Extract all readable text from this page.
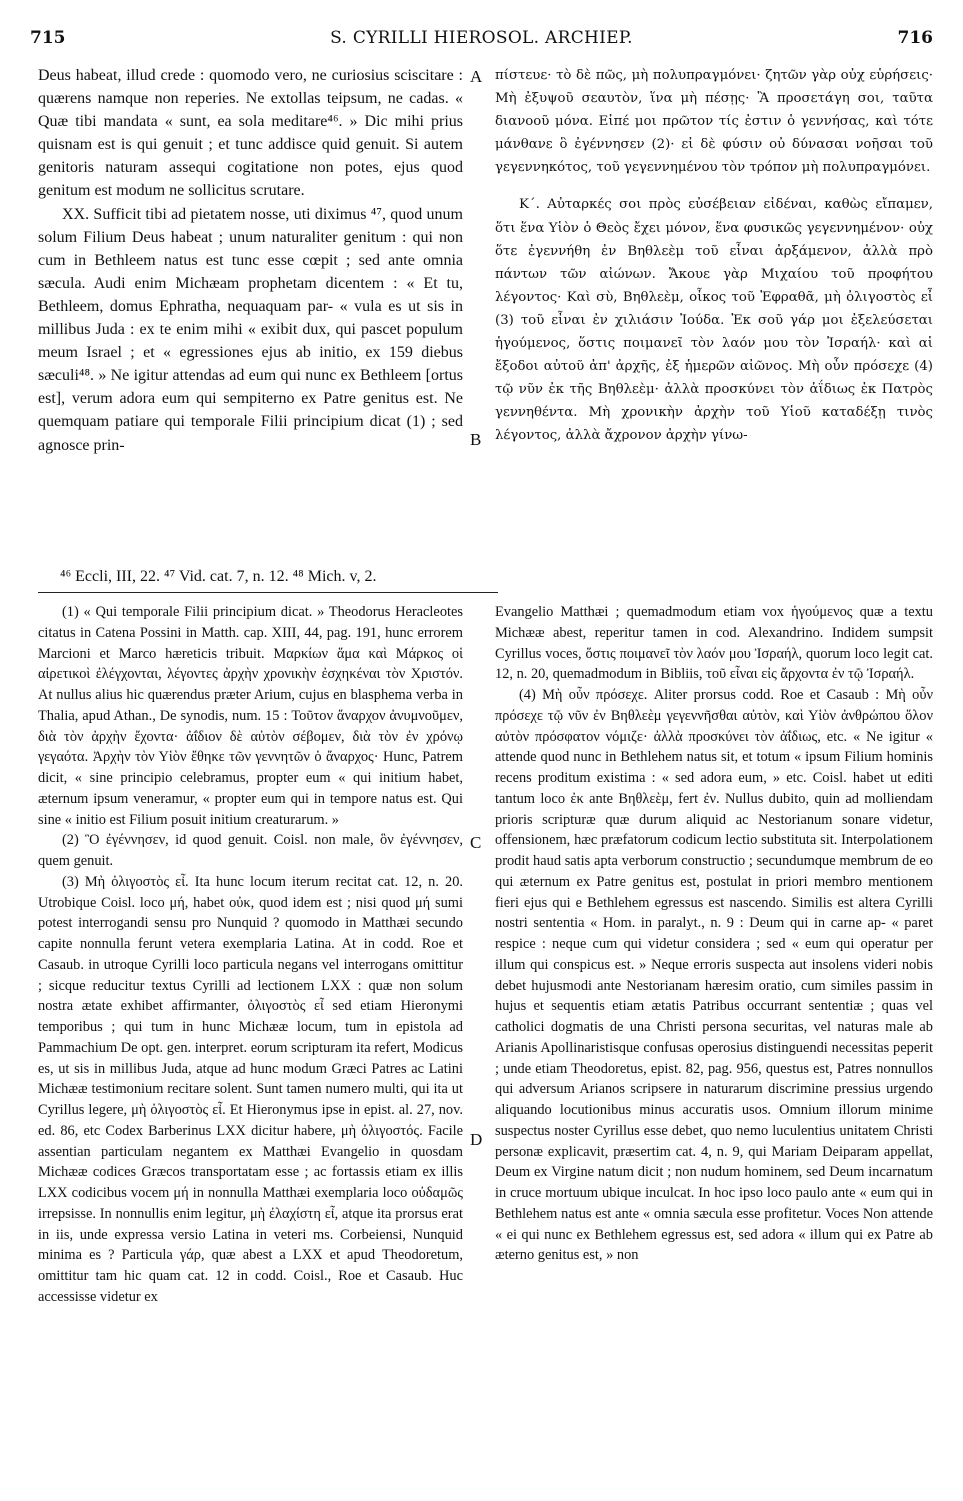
715	S. CYRILLI HIEROSOL. ARCHIEP.	716

Deus habeat, illud crede : quomodo vero, ne curiosius sciscitare : quærens namque non reperies. Ne extollas teipsum, ne cadas. « Quæ tibi mandata « sunt, ea sola meditare⁴⁶. » Dic mihi prius quisnam est is qui genuit ; et tunc addisce quid genuit. Si autem genitoris naturam assequi cogitatione non potes, ejus quod genitum est modum ne sollicitus scrutare.

XX. Sufficit tibi ad pietatem nosse, uti diximus ⁴⁷, quod unum solum Filium Deus habeat ; unum naturaliter genitum : qui non cum in Bethleem natus est tunc esse cœpit ; sed ante omnia sæcula. Audi enim Michæam prophetam dicentem : « Et tu, Bethleem, domus Ephratha, nequaquam par- « vula es ut sis in millibus Juda : ex te enim mihi « exibit dux, qui pascet populum meum Israel ; et « egressiones ejus ab initio, ex 159 diebus sæculi⁴⁸. » Ne igitur attendas ad eum qui nunc ex Bethleem [ortus est], verum adora eum qui sempiterno ex Patre genitus est. Ne quemquam patiare qui temporale Filii principium dicat (1) ; sed agnosce prin-

A
B

πίστευε· τὸ δὲ πῶς, μὴ πολυπραγμόνει· ζητῶν γὰρ οὐχ εὑρήσεις· Μὴ ἐξυψοῦ σεαυτὸν, ἵνα μὴ πέσῃς· Ἃ προσετάγη σοι, ταῦτα διανοοῦ μόνα. Εἰπέ μοι πρῶτον τίς ἐστιν ὁ γεννήσας, καὶ τότε μάνθανε ὃ ἐγέννησεν (2)· εἰ δὲ φύσιν οὐ δύνασαι νοῆσαι τοῦ γεγεννηκότος, τοῦ γεγεννημένου τὸν τρόπον μὴ πολυπραγμόνει.

Κ΄. Αὐταρκές σοι πρὸς εὐσέβειαν εἰδέναι, καθὼς εἴπαμεν, ὅτι ἕνα Υἱὸν ὁ Θεὸς ἔχει μόνον, ἕνα φυσικῶς γεγεννημένον· οὐχ ὅτε ἐγεννήθη ἐν Βηθλεὲμ τοῦ εἶναι ἀρξάμενον, ἀλλὰ πρὸ πάντων τῶν αἰώνων. Ἄκουε γὰρ Μιχαίου τοῦ προφήτου λέγοντος· Καὶ σὺ, Βηθλεὲμ, οἶκος τοῦ Ἐφραθᾶ, μὴ ὀλιγοστὸς εἶ (3) τοῦ εἶναι ἐν χιλιάσιν Ἰούδα. Ἐκ σοῦ γάρ μοι ἐξελεύσεται ἡγούμενος, ὅστις ποιμανεῖ τὸν λαόν μου τὸν Ἰσραήλ· καὶ αἱ ἔξοδοι αὐτοῦ ἀπ' ἀρχῆς, ἐξ ἡμερῶν αἰῶνος. Μὴ οὖν πρόσεχε (4) τῷ νῦν ἐκ τῆς Βηθλεὲμ· ἀλλὰ προσκύνει τὸν ἀΐδιως ἐκ Πατρὸς γεννηθέντα. Μὴ χρονικὴν ἀρχὴν τοῦ Υἱοῦ καταδέξῃ τινὸς λέγοντος, ἀλλὰ ἄχρονον ἀρχὴν γίνω-

⁴⁶ Eccli, III, 22. ⁴⁷ Vid. cat. 7, n. 12. ⁴⁸ Mich. v, 2.

(1) « Qui temporale Filii principium dicat. » Theodorus Heracleotes citatus in Catena Possini in Matth. cap. XIII, 44, pag. 191, hunc errorem Marcioni et Marco hæreticis tribuit. Μαρκίων ἅμα καὶ Μάρκος οἱ αἱρετικοὶ ἐλέγχονται, λέγοντες ἀρχὴν χρονικὴν ἐσχηκέναι τὸν Χριστόν. At nullus alius hic quærendus præter Arium, cujus en blasphema verba in Thalia, apud Athan., De synodis, num. 15 : Τοῦτον ἄναρχον ἀνυμνοῦμεν, διὰ τὸν ἀρχὴν ἔχοντα· ἀΐδιον δὲ αὐτὸν σέβομεν, διὰ τὸν ἐν χρόνῳ γεγαότα. Ἀρχὴν τὸν Υἱὸν ἔθηκε τῶν γεννητῶν ὁ ἄναρχος· Hunc, Patrem dicit, « sine principio celebramus, propter eum « qui initium habet, æternum ipsum veneramur, « propter eum qui in tempore natus est. Qui sine « initio est Filium posuit initium creaturarum. »

(2) Ὃ ἐγέννησεν, id quod genuit. Coisl. non male, ὃν ἐγέννησεν, quem genuit.

(3) Μὴ ὀλιγοστὸς εἶ. Ita hunc locum iterum recitat cat. 12, n. 20. Utrobique Coisl. loco μή, habet οὐκ, quod idem est ; nisi quod μή sumi potest interrogandi sensu pro Nunquid ? quomodo in Matthæi secundo capite nonnulla ferunt vetera exemplaria Latina. At in codd. Roe et Casaub. in utroque Cyrilli loco particula negans vel interrogans omittitur ; sicque reducitur textus Cyrilli ad lectionem LXX : quæ non solum nostra ætate exhibet affirmanter, ὀλιγοστὸς εἶ sed etiam Hieronymi temporibus ; qui tum in hunc Michææ locum, tum in epistola ad Pammachium De opt. gen. interpret. eorum scripturam ita refert, Modicus es, ut sis in millibus Juda, atque ad hunc modum Græci Patres ac Latini Michææ testimonium recitare solent. Sunt tamen numero multi, qui ita ut Cyrillus legere, μὴ ὀλιγοστὸς εἶ. Et Hieronymus ipse in epist. al. 27, nov. ed. 86, etc Codex Barberinus LXX dicitur habere, μὴ ὀλιγοστός. Facile assentian particulam negantem ex Matthæi Evangelio in quosdam Michææ codices Græcos transportatam esse ; ac fortassis etiam ex illis LXX codicibus vocem μή in nonnulla Matthæi exemplaria loco οὐδαμῶς irrepsisse. In nonnullis enim legitur, μὴ ἐλαχίστη εἶ, atque ita prorsus erat in iis, unde expressa versio Latina in veteri ms. Corbeiensi, Nunquid minima es ? Particula γάρ, quæ abest a LXX et apud Theodoretum, omittitur tam hic quam cat. 12 in codd. Coisl., Roe et Casaub. Huc accessisse videtur ex

C
D

Evangelio Matthæi ; quemadmodum etiam vox ἡγούμενος quæ a textu Michææ abest, reperitur tamen in cod. Alexandrino. Indidem sumpsit Cyrillus voces, ὅστις ποιμανεῖ τὸν λαόν μου Ἰσραήλ, quorum loco legit cat. 12, n. 20, quemadmodum in Bibliis, τοῦ εἶναι εἰς ἄρχοντα ἐν τῷ Ἰσραήλ.

(4) Μὴ οὖν πρόσεχε. Aliter prorsus codd. Roe et Casaub : Μὴ οὖν πρόσεχε τῷ νῦν ἐν Βηθλεὲμ γεγεννῆσθαι αὐτὸν, καὶ Υἱὸν ἀνθρώπου ὅλον αὐτὸν πρόσφατον νόμιζε· ἀλλὰ προσκύνει τὸν ἀΐδιως, etc. « Ne igitur « attende quod nunc in Bethlehem natus sit, et totum « ipsum Filium hominis recens proditum existima : « sed adora eum, » etc. Coisl. habet ut editi tantum loco ἐκ ante Βηθλεὲμ, fert ἐν. Nullus dubito, quin ad molliendam prioris scripturæ quæ durum aliquid ac Nestorianum sonare videtur, offensionem, hæc præfatorum codicum lectio substituta sit. Interpolationem prodit haud satis apta verborum constructio ; secundumque membrum de eo qui æternum ex Patre genitus est, postulat in priori membro mentionem fieri ejus qui e Bethlehem egressus est nascendo. Similis est altera Cyrilli nostri sententia « Hom. in paralyt., n. 9 : Deum qui in carne ap- « paret respice : neque cum qui videtur considera ; sed « eum qui operatur per illum qui conspicus est. » Neque erroris suspecta aut insolens videri nobis debet hujusmodi ante Nestorianam hæresim oratio, cum similes passim in hujus et sequentis etiam ætatis Patribus occurrant sententiæ ; quas vel catholici dogmatis de una Christi persona securitas, vel naturas male ab Arianis Apollinaristisque confusas operosius distinguendi necessitas peperit ; unde etiam Theodoretus, epist. 82, pag. 956, questus est, Patres nonnullos qui adversum Arianos scripsere in naturarum discrimine pressius urgendo aliquando locutionibus minus accuratis usos. Omnium illorum minime suspectus noster Cyrillus esse debet, quo nemo luculentius unitatem Christi personæ explicavit, præsertim cat. 4, n. 9, qui Mariam Deiparam appellat, Deum ex Virgine natum dicit ; non nudum hominem, sed Deum incarnatum in cruce mortuum ubique inculcat. In hoc ipso loco paulo ante « eum qui in Bethlehem natus est ante « omnia sæcula esse profitetur. Voces Non attende « ei qui nunc ex Bethlehem egressus est, sed adora « illum qui ex Patre ab æterno genitus est, » non
